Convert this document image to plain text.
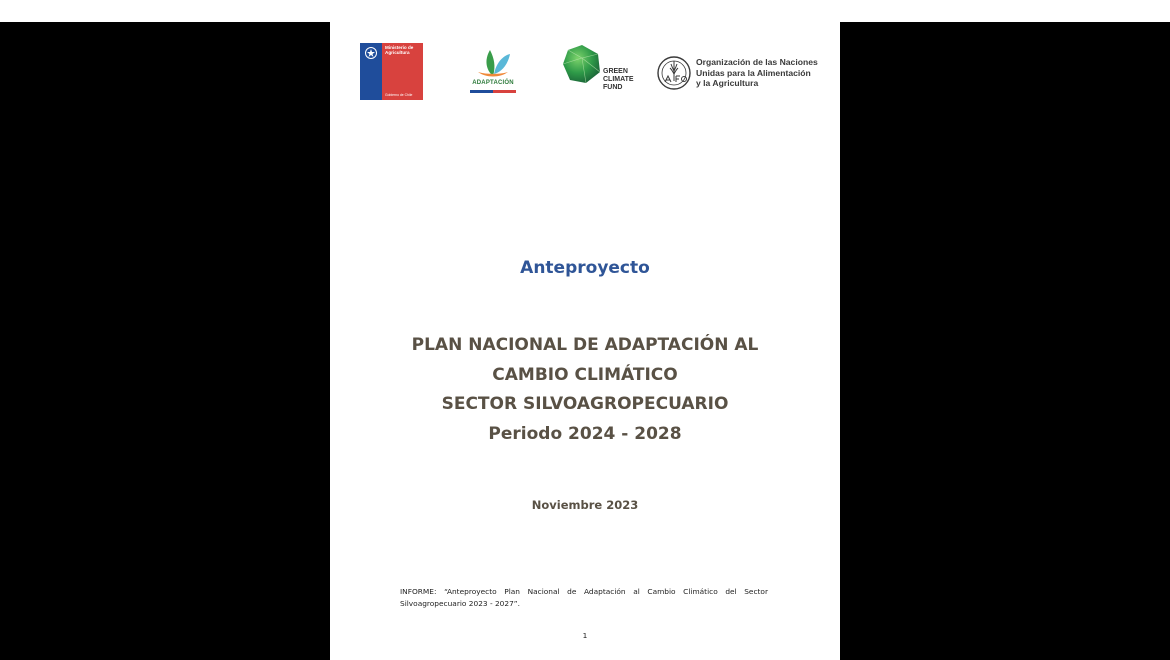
Ministerio de
Agricultura
Gobierno de Chile
ADAPTACIÓN
GREEN
CLIMATE
FUND
Organización de las Naciones
Unidas para la Alimentación
y la Agricultura
Anteproyecto
PLAN NACIONAL DE ADAPTACIÓN AL
CAMBIO CLIMÁTICO
SECTOR SILVOAGROPECUARIO
Periodo 2024 - 2028
Noviembre 2023
INFORME: “Anteproyecto Plan Nacional de Adaptación al Cambio Climático del Sector Silvoagropecuario 2023 - 2027”.
1
